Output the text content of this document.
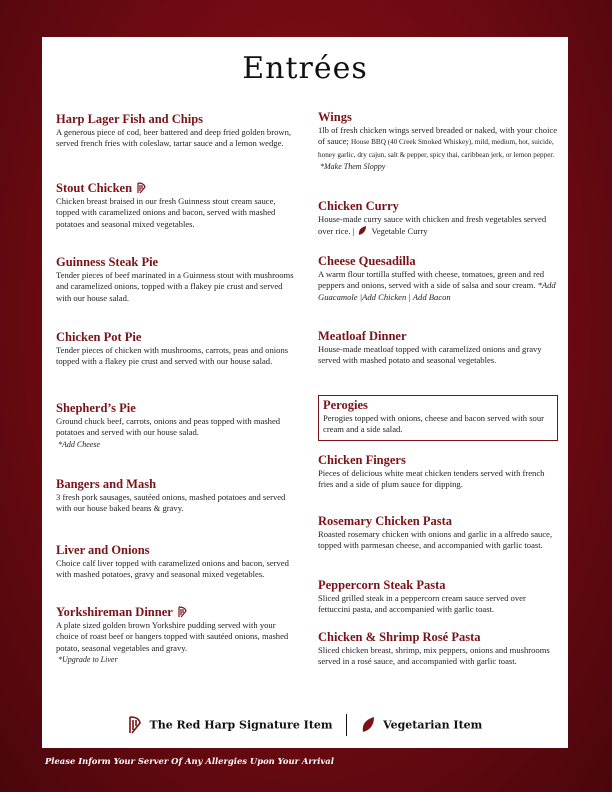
Entrées
Harp Lager Fish and Chips

A generous piece of cod, beer battered and deep fried golden brown, served french fries with coleslaw, tartar sauce and a lemon wedge.

Stout Chicken

Chicken breast braised in our fresh Guinness stout cream sauce, topped with caramelized onions and bacon, served with mashed potatoes and seasonal mixed vegetables.

Guinness Steak Pie

Tender pieces of beef marinated in a Guinness stout with mushrooms and caramelized onions, topped with a flakey pie crust and served with our house salad.

Chicken Pot Pie

Tender pieces of chicken with mushrooms, carrots, peas and onions topped with a flakey pie crust and served with our house salad.

Shepherd’s Pie

Ground chuck beef, carrots, onions and peas topped with mashed potatoes and served with our house salad.

*Add Cheese

Bangers and Mash

3 fresh pork sausages, sautéed onions, mashed potatoes and served with our house baked beans & gravy.

Liver and Onions

Choice calf liver topped with caramelized onions and bacon, served with mashed potatoes, gravy and seasonal mixed vegetables.

Yorkshireman Dinner

A plate sized golden brown Yorkshire pudding served with your choice of roast beef or bangers topped with sautéed onions, mashed potato, seasonal vegetables and gravy.

*Upgrade to Liver

Wings

1lb of fresh chicken wings served breaded or naked, with your choice of sauce; House BBQ (40 Creek Smoked Whiskey), mild, medium, hot, suicide, honey garlic, dry cajun, salt & pepper, spicy thai, caribbean jerk, or lemon pepper.

*Make Them Sloppy

Chicken Curry

House-made curry sauce with chicken and fresh vegetables served over rice. | Vegetable Curry

Cheese Quesadilla

A warm flour tortilla stuffed with cheese, tomatoes, green and red peppers and onions, served with a side of salsa and sour cream. *Add Guacamole |Add Chicken | Add Bacon

Meatloaf Dinner

House-made meatloaf topped with caramelized onions and gravy served with mashed potato and seasonal vegetables.

Perogies

Perogies topped with onions, cheese and bacon served with sour cream and a side salad.

Chicken Fingers

Pieces of delicious white meat chicken tenders served with french fries and a side of plum sauce for dipping.

Rosemary Chicken Pasta

Roasted rosemary chicken with onions and garlic in a alfredo sauce, topped with parmesan cheese, and accompanied with garlic toast.

Peppercorn Steak Pasta

Sliced grilled steak in a peppercorn cream sauce served over fettuccini pasta, and accompanied with garlic toast.

Chicken & Shrimp Rosé Pasta

Sliced chicken breast, shrimp, mix peppers, onions and mushrooms served in a rosé sauce, and accompanied with garlic toast.

The Red Harp Signature Item	Vegetarian Item
Please Inform Your Server Of Any Allergies Upon Your Arrival
